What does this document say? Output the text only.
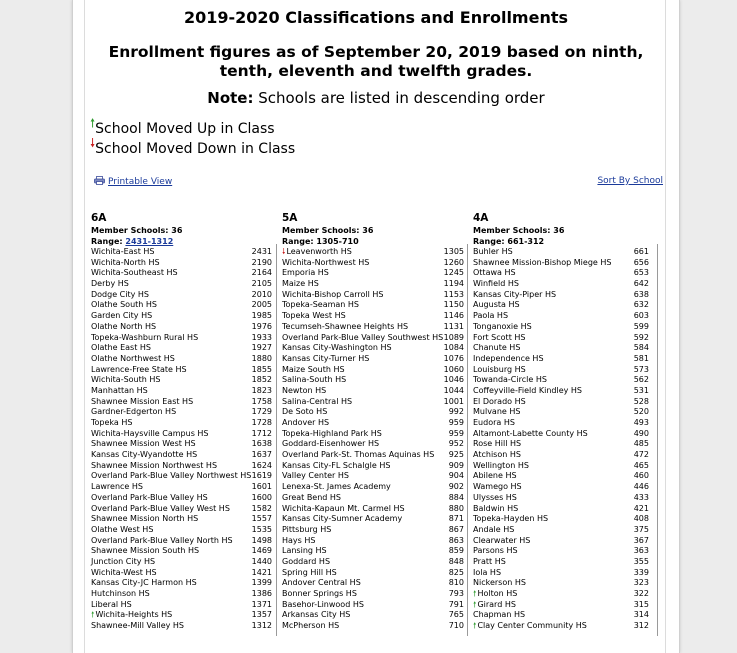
2019-2020 Classifications and Enrollments
Enrollment figures as of September 20, 2019 based on ninth, tenth, eleventh and twelfth grades.
Note: Schools are listed in descending order
🠕School Moved Up in Class
🠗School Moved Down in Class
Printable View	Sort By School
6A
Member Schools: 36
Range: 2431-1312
Wichita-East HS	2431
Wichita-North HS	2190
Wichita-Southeast HS	2164
Derby HS	2105
Dodge City HS	2010
Olathe South HS	2005
Garden City HS	1985
Olathe North HS	1976
Topeka-Washburn Rural HS	1933
Olathe East HS	1927
Olathe Northwest HS	1880
Lawrence-Free State HS	1855
Wichita-South HS	1852
Manhattan HS	1823
Shawnee Mission East HS	1758
Gardner-Edgerton HS	1729
Topeka HS	1728
Wichita-Haysville Campus HS	1712
Shawnee Mission West HS	1638
Kansas City-Wyandotte HS	1637
Shawnee Mission Northwest HS	1624
Overland Park-Blue Valley Northwest HS 1619
Lawrence HS	1601
Overland Park-Blue Valley HS	1600
Overland Park-Blue Valley West HS	1582
Shawnee Mission North HS	1557
Olathe West HS	1535
Overland Park-Blue Valley North HS 1498
Shawnee Mission South HS	1469
Junction City HS	1440
Wichita-West HS	1421
Kansas City-JC Harmon HS	1399
Hutchinson HS	1386
Liberal HS	1371
🠕Wichita-Heights HS	1357
Shawnee-Mill Valley HS	1312
5A
Member Schools: 36
Range: 1305-710
🠗Leavenworth HS	1305
Wichita-Northwest HS	1260
Emporia HS	1245
Maize HS	1194
Wichita-Bishop Carroll HS	1153
Topeka-Seaman HS	1150
Topeka West HS	1146
Tecumseh-Shawnee Heights HS	1131
Overland Park-Blue Valley Southwest HS 1089
Kansas City-Washington HS	1084
Kansas City-Turner HS	1076
Maize South HS	1060
Salina-South HS	1046
Newton HS	1044
Salina-Central HS	1001
De Soto HS	992
Andover HS	959
Topeka-Highland Park HS	959
Goddard-Eisenhower HS	952
Overland Park-St. Thomas Aquinas HS 925
Kansas City-FL Schalgle HS	909
Valley Center HS	904
Lenexa-St. James Academy	902
Great Bend HS	884
Wichita-Kapaun Mt. Carmel HS	880
Kansas City-Sumner Academy	871
Pittsburg HS	867
Hays HS	863
Lansing HS	859
Goddard HS	848
Spring Hill HS	825
Andover Central HS	810
Bonner Springs HS	793
Basehor-Linwood HS	791
Arkansas City HS	765
McPherson HS	710
4A
Member Schools: 36
Range: 661-312
Buhler HS	661
Shawnee Mission-Bishop Miege HS	656
Ottawa HS	653
Winfield HS	642
Kansas City-Piper HS	638
Augusta HS	632
Paola HS	603
Tonganoxie HS	599
Fort Scott HS	592
Chanute HS	584
Independence HS	581
Louisburg HS	573
Towanda-Circle HS	562
Coffeyville-Field Kindley HS	531
El Dorado HS	528
Mulvane HS	520
Eudora HS	493
Altamont-Labette County HS	490
Rose Hill HS	485
Atchison HS	472
Wellington HS	465
Abilene HS	460
Wamego HS	446
Ulysses HS	433
Baldwin HS	421
Topeka-Hayden HS	408
Andale HS	375
Clearwater HS	367
Parsons HS	363
Pratt HS	355
Iola HS	339
Nickerson HS	323
🠕Holton HS	322
🠕Girard HS	315
Chapman HS	314
🠕Clay Center Community HS	312
